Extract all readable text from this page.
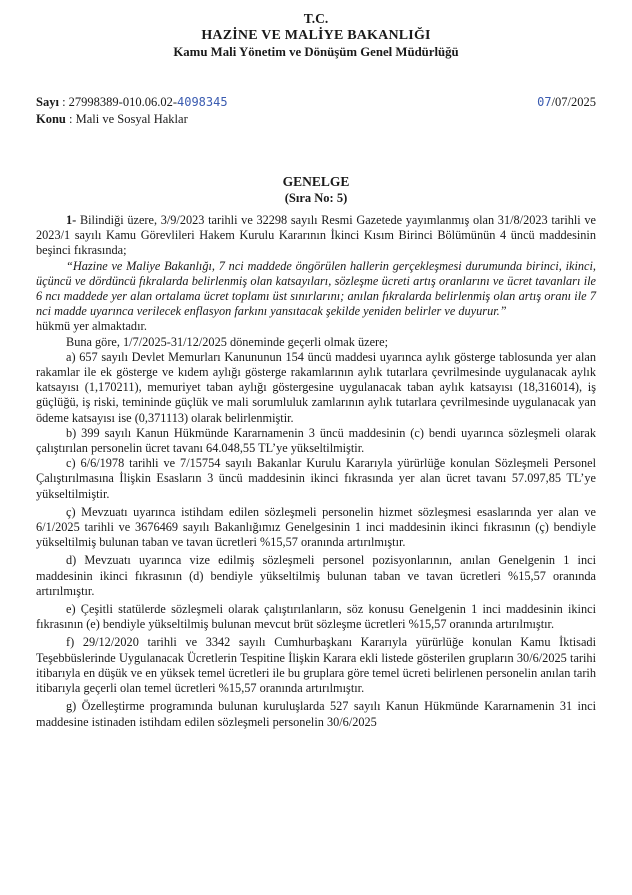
T.C.
HAZİNE VE MALİYE BAKANLIĞI
Kamu Mali Yönetim ve Dönüşüm Genel Müdürlüğü
Sayı : 27998389-010.06.02-4098345	07/07/2025
Konu : Mali ve Sosyal Haklar
GENELGE
(Sıra No: 5)

1- Bilindiği üzere, 3/9/2023 tarihli ve 32298 sayılı Resmi Gazetede yayımlanmış olan 31/8/2023 tarihli ve 2023/1 sayılı Kamu Görevlileri Hakem Kurulu Kararının İkinci Kısım Birinci Bölümünün 4 üncü maddesinin beşinci fıkrasında;

“Hazine ve Maliye Bakanlığı, 7 nci maddede öngörülen hallerin gerçekleşmesi durumunda birinci, ikinci, üçüncü ve dördüncü fıkralarda belirlenmiş olan katsayıları, sözleşme ücreti artış oranlarını ve ücret tavanları ile 6 ncı maddede yer alan ortalama ücret toplamı üst sınırlarını; anılan fıkralarda belirlenmiş olan artış oranı ile 7 nci madde uyarınca verilecek enflasyon farkını yansıtacak şekilde yeniden belirler ve duyurur.”

hükmü yer almaktadır.

Buna göre, 1/7/2025-31/12/2025 döneminde geçerli olmak üzere;

a) 657 sayılı Devlet Memurları Kanununun 154 üncü maddesi uyarınca aylık gösterge tablosunda yer alan rakamlar ile ek gösterge ve kıdem aylığı gösterge rakamlarının aylık tutarlara çevrilmesinde uygulanacak aylık katsayısı (1,170211), memuriyet taban aylığı göstergesine uygulanacak taban aylık katsayısı (18,316014), iş güçlüğü, iş riski, temininde güçlük ve mali sorumluluk zamlarının aylık tutarlara çevrilmesinde uygulanacak yan ödeme katsayısı ise (0,371113) olarak belirlenmiştir.

b) 399 sayılı Kanun Hükmünde Kararnamenin 3 üncü maddesinin (c) bendi uyarınca sözleşmeli olarak çalıştırılan personelin ücret tavanı 64.048,55 TL’ye yükseltilmiştir.

c) 6/6/1978 tarihli ve 7/15754 sayılı Bakanlar Kurulu Kararıyla yürürlüğe konulan Sözleşmeli Personel Çalıştırılmasına İlişkin Esasların 3 üncü maddesinin ikinci fıkrasında yer alan ücret tavanı 57.097,85 TL’ye yükseltilmiştir.

ç) Mevzuatı uyarınca istihdam edilen sözleşmeli personelin hizmet sözleşmesi esaslarında yer alan ve 6/1/2025 tarihli ve 3676469 sayılı Bakanlığımız Genelgesinin 1 inci maddesinin ikinci fıkrasının (ç) bendiyle yükseltilmiş bulunan taban ve tavan ücretleri %15,57 oranında artırılmıştır.

d) Mevzuatı uyarınca vize edilmiş sözleşmeli personel pozisyonlarının, anılan Genelgenin 1 inci maddesinin ikinci fıkrasının (d) bendiyle yükseltilmiş bulunan taban ve tavan ücretleri %15,57 oranında artırılmıştır.

e) Çeşitli statülerde sözleşmeli olarak çalıştırılanların, söz konusu Genelgenin 1 inci maddesinin ikinci fıkrasının (e) bendiyle yükseltilmiş bulunan mevcut brüt sözleşme ücretleri %15,57 oranında artırılmıştır.

f) 29/12/2020 tarihli ve 3342 sayılı Cumhurbaşkanı Kararıyla yürürlüğe konulan Kamu İktisadi Teşebbüslerinde Uygulanacak Ücretlerin Tespitine İlişkin Karara ekli listede gösterilen grupların 30/6/2025 tarihi itibarıyla en düşük ve en yüksek temel ücretleri ile bu gruplara göre temel ücreti belirlenen personelin anılan tarih itibarıyla geçerli olan temel ücretleri %15,57 oranında artırılmıştır.

g) Özelleştirme programında bulunan kuruluşlarda 527 sayılı Kanun Hükmünde Kararnamenin 31 inci maddesine istinaden istihdam edilen sözleşmeli personelin 30/6/2025
